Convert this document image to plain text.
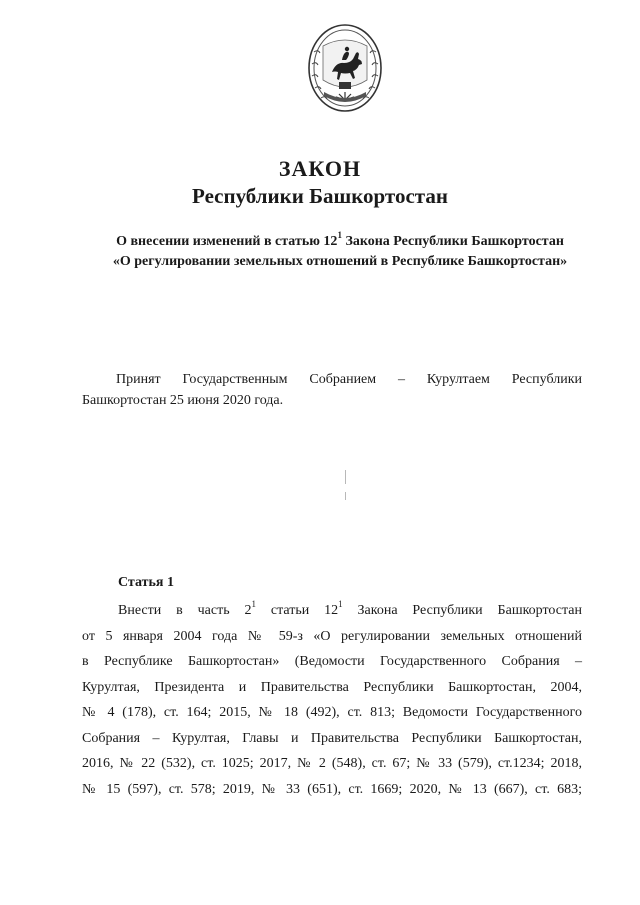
ЗАКОН
Республики Башкортостан
О внесении изменений в статью $12^1$ Закона Республики Башкортостан
«О регулировании земельных отношений в Республике Башкортостан»
Принят Государственным Собранием – Курултаем Республики
Башкортостан 25 июня 2020 года.
Статья 1
Внести в часть $2^1$ статьи $12^1$ Закона Республики Башкортостан
от 5 января 2004 года № 59-з «О регулировании земельных отношений
в Республике Башкортостан» (Ведомости Государственного Собрания –
Курултая, Президента и Правительства Республики Башкортостан, 2004,
№ 4 (178), ст. 164; 2015, № 18 (492), ст. 813; Ведомости Государственного
Собрания – Курултая, Главы и Правительства Республики Башкортостан,
2016, № 22 (532), ст. 1025; 2017, № 2 (548), ст. 67; № 33 (579), ст.1234; 2018,
№ 15 (597), ст. 578; 2019, № 33 (651), ст. 1669; 2020, № 13 (667), ст. 683;
